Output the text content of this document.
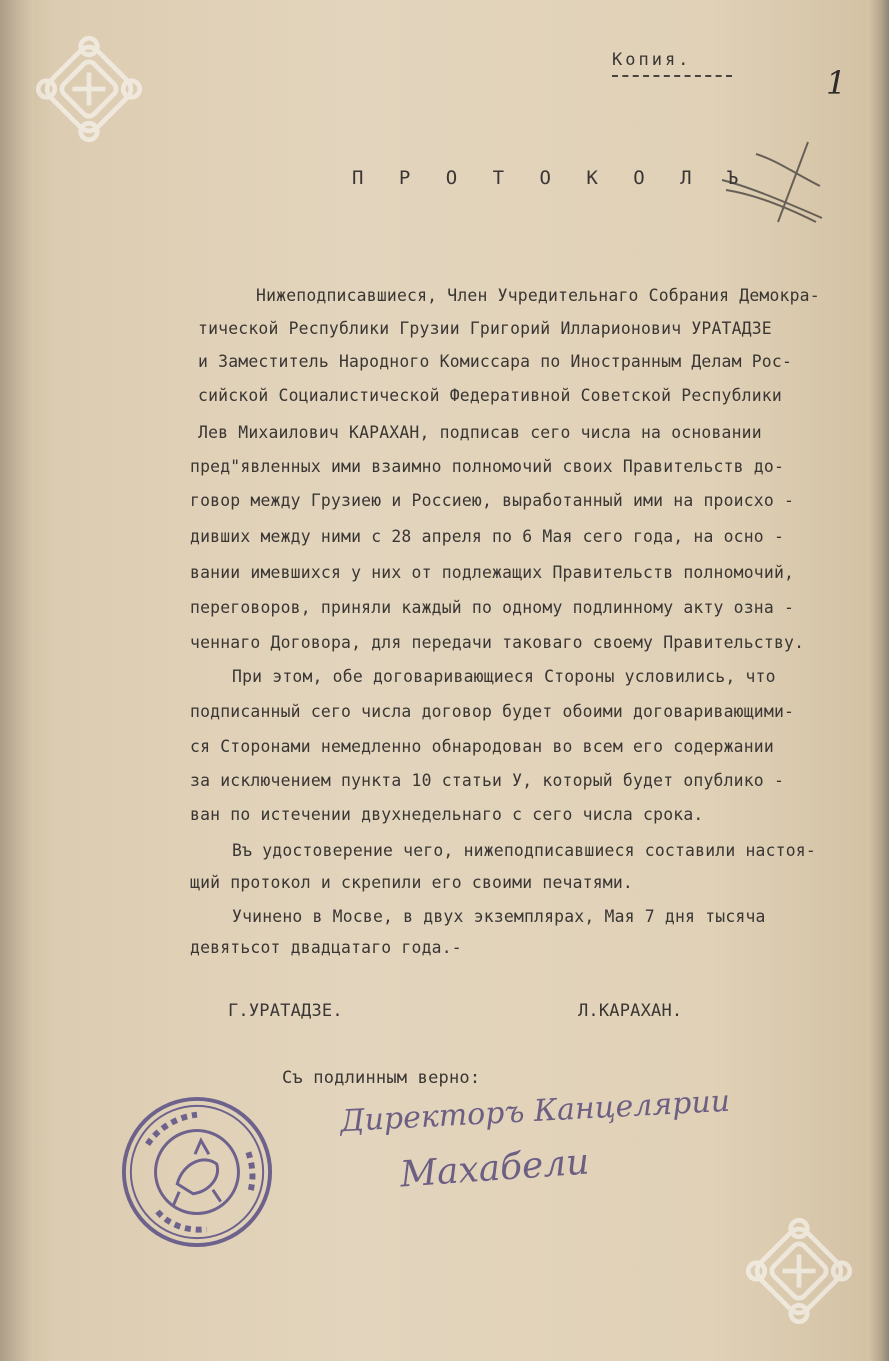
Копия.
1
П Р О Т О К О Л Ъ
Нижеподписавшиеся, Член Учредительнаго Собрания Демокра-
тической Республики Грузии Григорий Илларионович УРАТАДЗЕ
и Заместитель Народного Комиссара по Иностранным Делам Рос-
сийской Социалистической Федеративной Советской Республики
Лев Михаилович КАРАХАН, подписав сего числа на основании
пред"явленных ими взаимно полномочий своих Правительств до-
говор между Грузиею и Россиею, выработанный ими на происхо -
дивших между ними с 28 апреля по 6 Мая сего года, на осно -
вании имевшихся у них от подлежащих Правительств полномочий,
переговоров, приняли каждый по одному подлинному акту озна -
ченнаго Договора, для передачи таковаго своему Правительству.
При этом, обе договаривающиеся Стороны условились, что
подписанный сего числа договор будет обоими договаривающими-
ся Сторонами немедленно обнародован во всем его содержании
за исключением пункта 10 статьи У, который будет опублико -
ван по истечении двухнедельнаго с сего числа срока.
Въ удостоверение чего, нижеподписавшиеся составили настоя-
щий протокол и скрепили его своими печатями.
Учинено в Мосве, в двух экземплярах, Мая 7 дня тысяча
девятьсот двадцатаго года.-
Г.УРАТАДЗЕ.	Л.КАРАХАН.
Съ подлинным верно:
Директоръ Канцелярии
Махабели
